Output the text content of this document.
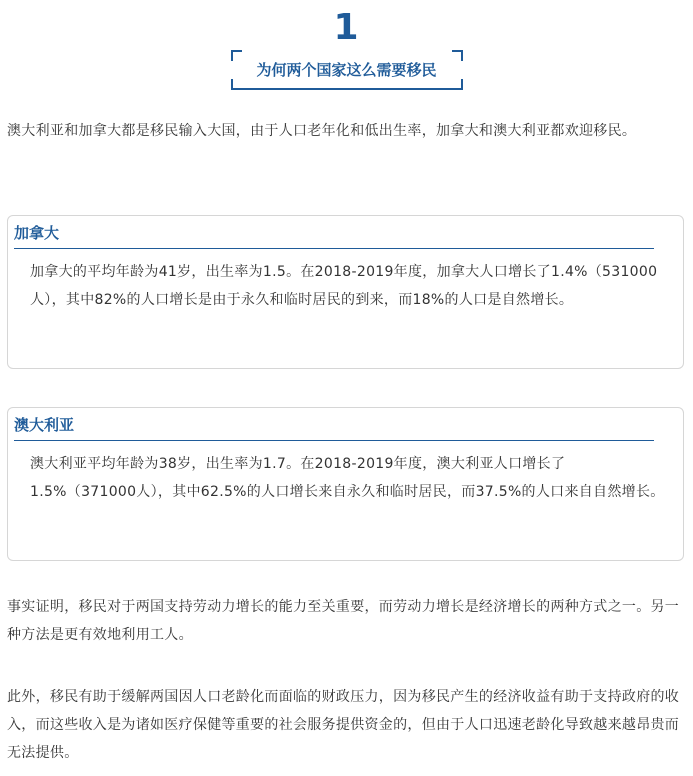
1
为何两个国家这么需要移民

澳大利亚和加拿大都是移民输入大国，由于人口老年化和低出生率，加拿大和澳大利亚都欢迎移民。

加拿大

加拿大的平均年龄为41岁，出生率为1.5。在2018-2019年度，加拿大人口增长了1.4%（531000人），其中82%的人口增长是由于永久和临时居民的到来，而18%的人口是自然增长。

澳大利亚

澳大利亚平均年龄为38岁，出生率为1.7。在2018-2019年度，澳大利亚人口增长了1.5%（371000人），其中62.5%的人口增长来自永久和临时居民，而37.5%的人口来自自然增长。

事实证明，移民对于两国支持劳动力增长的能力至关重要，而劳动力增长是经济增长的两种方式之一。另一种方法是更有效地利用工人。

此外，移民有助于缓解两国因人口老龄化而面临的财政压力，因为移民产生的经济收益有助于支持政府的收入，而这些收入是为诸如医疗保健等重要的社会服务提供资金的，但由于人口迅速老龄化导致越来越昂贵而无法提供。
